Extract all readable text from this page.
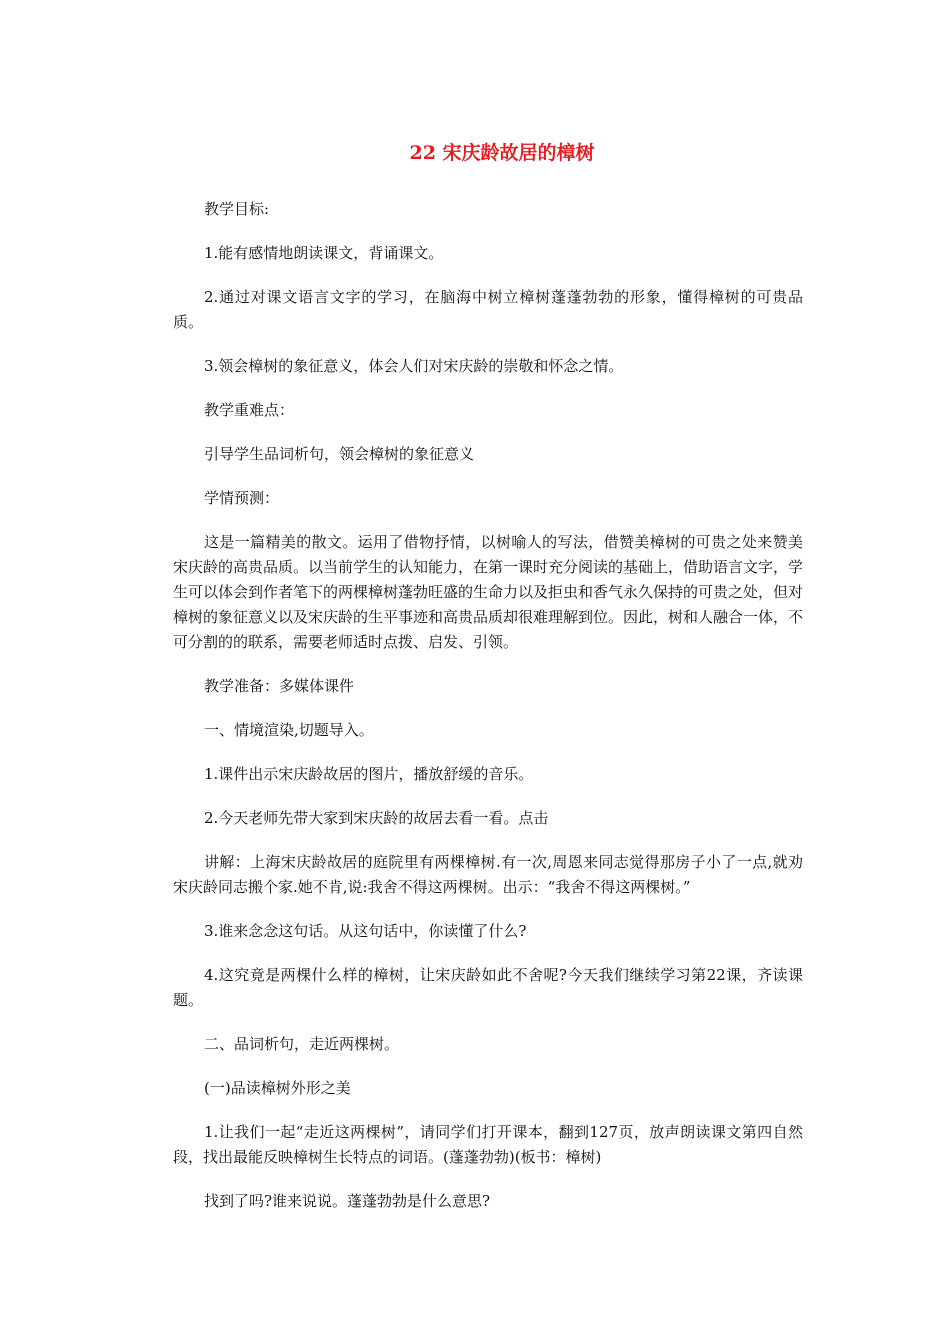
22 宋庆龄故居的樟树

教学目标:

1.能有感情地朗读课文，背诵课文。

2.通过对课文语言文字的学习，在脑海中树立樟树蓬蓬勃勃的形象，懂得樟树的可贵品质。

3.领会樟树的象征意义，体会人们对宋庆龄的崇敬和怀念之情。

教学重难点：

引导学生品词析句，领会樟树的象征意义

学情预测：

这是一篇精美的散文。运用了借物抒情，以树喻人的写法，借赞美樟树的可贵之处来赞美宋庆龄的高贵品质。以当前学生的认知能力，在第一课时充分阅读的基础上，借助语言文字，学生可以体会到作者笔下的两棵樟树蓬勃旺盛的生命力以及拒虫和香气永久保持的可贵之处，但对樟树的象征意义以及宋庆龄的生平事迹和高贵品质却很难理解到位。因此，树和人融合一体，不可分割的的联系，需要老师适时点拨、启发、引领。

教学准备：多媒体课件

一、情境渲染,切题导入。

1.课件出示宋庆龄故居的图片，播放舒缓的音乐。

2.今天老师先带大家到宋庆龄的故居去看一看。点击

讲解：上海宋庆龄故居的庭院里有两棵樟树.有一次,周恩来同志觉得那房子小了一点,就劝宋庆龄同志搬个家.她不肯,说:我舍不得这两棵树。出示：“我舍不得这两棵树。”

3.谁来念念这句话。从这句话中，你读懂了什么?

4.这究竟是两棵什么样的樟树，让宋庆龄如此不舍呢?今天我们继续学习第22课，齐读课题。

二、品词析句，走近两棵树。

(一)品读樟树外形之美

1.让我们一起“走近这两棵树”，请同学们打开课本，翻到127页，放声朗读课文第四自然段，找出最能反映樟树生长特点的词语。(蓬蓬勃勃)(板书：樟树)

找到了吗?谁来说说。蓬蓬勃勃是什么意思?
